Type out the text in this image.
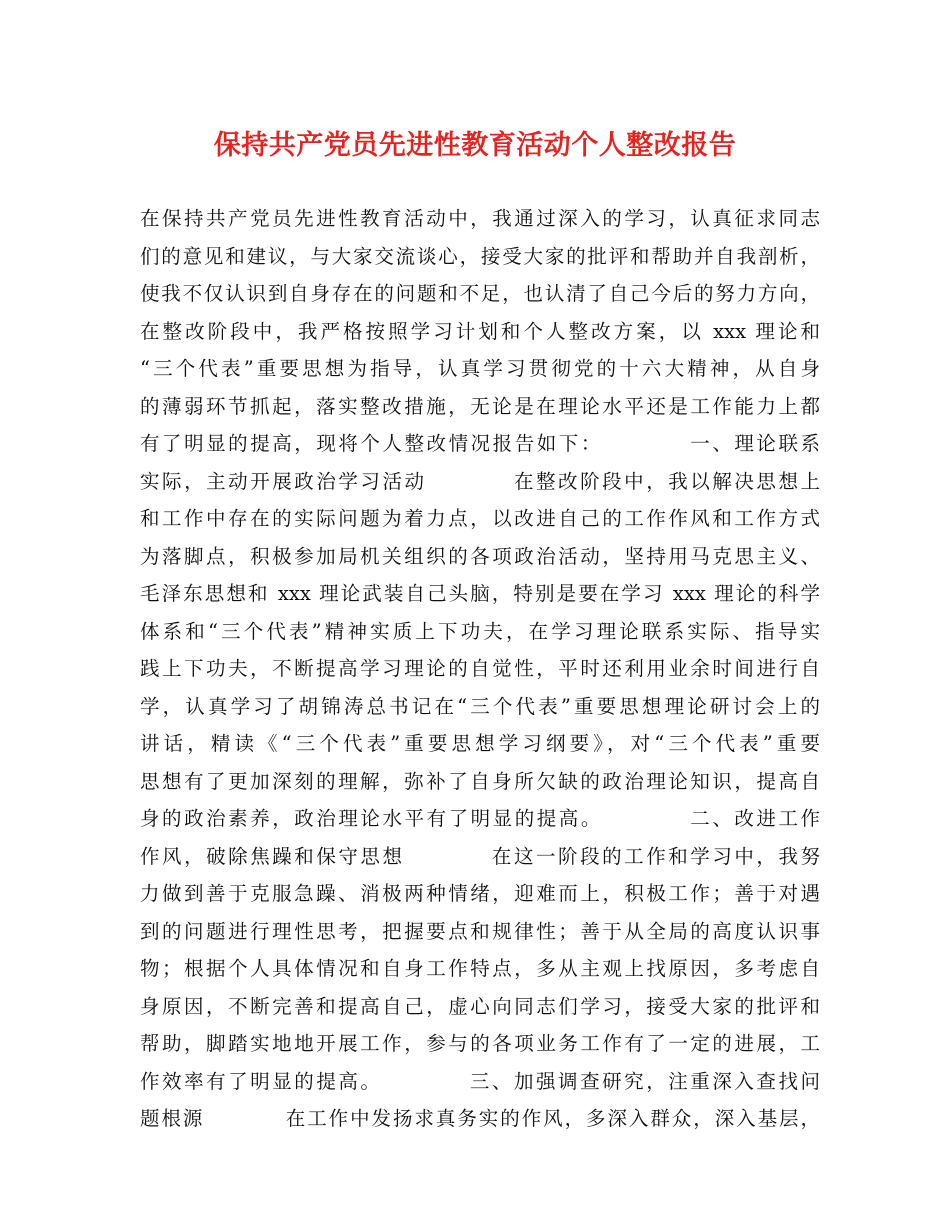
保持共产党员先进性教育活动个人整改报告
在保持共产党员先进性教育活动中，我通过深入的学习，认真征求同志
们的意见和建议，与大家交流谈心，接受大家的批评和帮助并自我剖析，
使我不仅认识到自身存在的问题和不足，也认清了自己今后的努力方向，
在整改阶段中，我严格按照学习计划和个人整改方案，以 xxx 理论和
“三个代表”重要思想为指导，认真学习贯彻党的十六大精神，从自身
的薄弱环节抓起，落实整改措施，无论是在理论水平还是工作能力上都
有了明显的提高，现将个人整改情况报告如下：          一、理论联系
实际，主动开展政治学习活动          在整改阶段中，我以解决思想上
和工作中存在的实际问题为着力点，以改进自己的工作作风和工作方式
为落脚点，积极参加局机关组织的各项政治活动，坚持用马克思主义、
毛泽东思想和 xxx 理论武装自己头脑，特别是要在学习 xxx 理论的科学
体系和“三个代表”精神实质上下功夫，在学习理论联系实际、指导实
践上下功夫，不断提高学习理论的自觉性，平时还利用业余时间进行自
学，认真学习了胡锦涛总书记在“三个代表”重要思想理论研讨会上的
讲话，精读《“三个代表”重要思想学习纲要》，对“三个代表”重要
思想有了更加深刻的理解，弥补了自身所欠缺的政治理论知识，提高自
身的政治素养，政治理论水平有了明显的提高。          二、改进工作
作风，破除焦躁和保守思想          在这一阶段的工作和学习中，我努
力做到善于克服急躁、消极两种情绪，迎难而上，积极工作；善于对遇
到的问题进行理性思考，把握要点和规律性；善于从全局的高度认识事
物；根据个人具体情况和自身工作特点，多从主观上找原因，多考虑自
身原因，不断完善和提高自己，虚心向同志们学习，接受大家的批评和
帮助，脚踏实地地开展工作，参与的各项业务工作有了一定的进展，工
作效率有了明显的提高。          三、加强调查研究，注重深入查找问
题根源          在工作中发扬求真务实的作风，多深入群众，深入基层，
